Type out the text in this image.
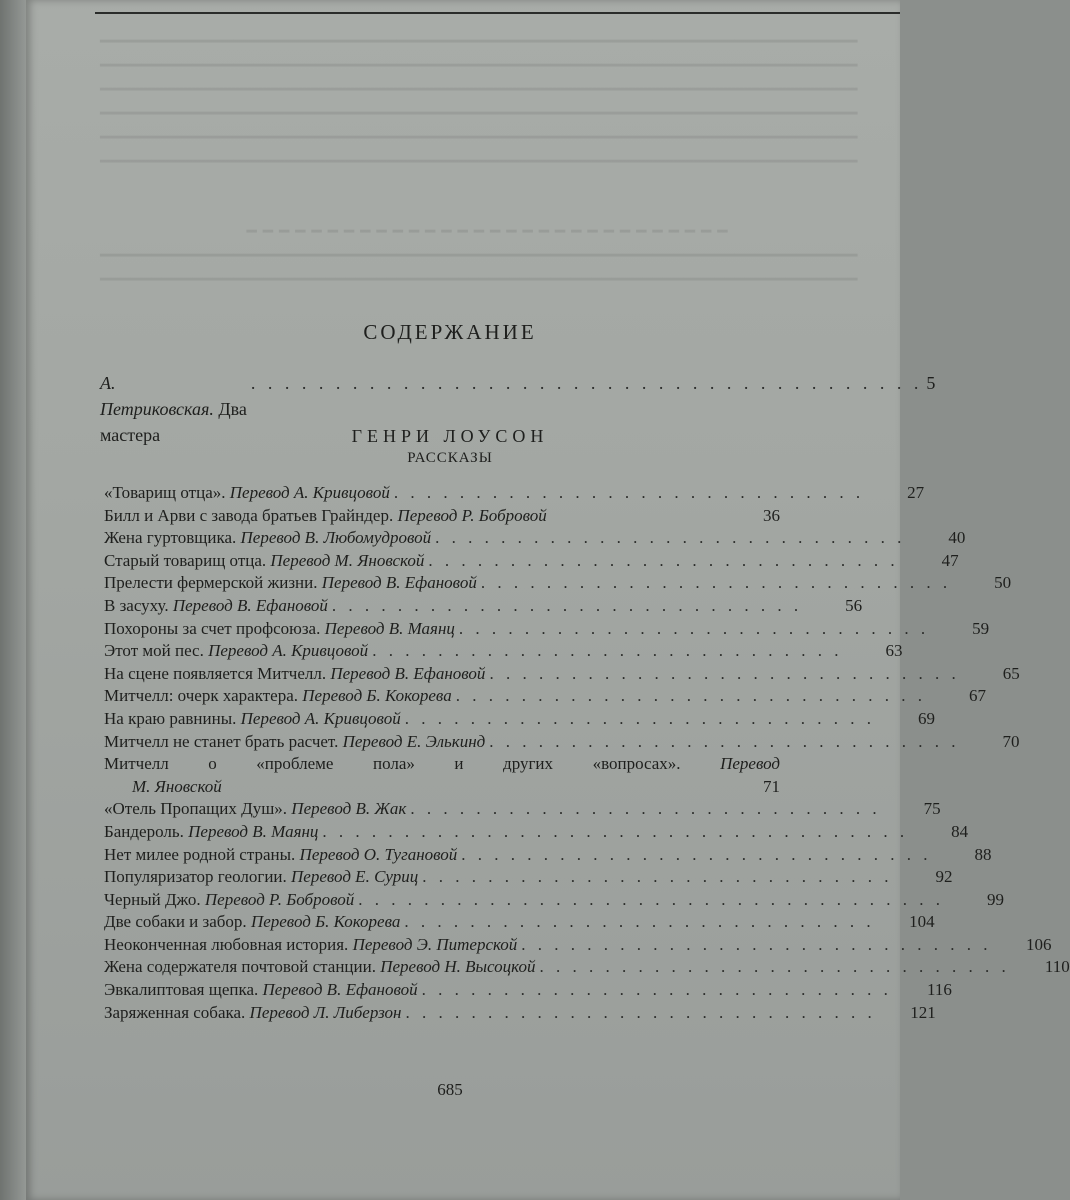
━━━━━━━━━━━━━━━━━━━━━━━━━━━━━━━━━━━━━━━━━━━━━━━━━━━━━━━━━━━━━━━━━━━━━━━━━━
━━━━━━━━━━━━━━━━━━━━━━━━━━━━━━━━━━━━━━━━━━━━━━━━━━━━━━━━━━━━━━━━━━━━━━━━━━
━━━━━━━━━━━━━━━━━━━━━━━━━━━━━━━━━━━━━━━━━━━━━━━━━━━━━━━━━━━━━━━━━━━━━━━━━━
━━━━━━━━━━━━━━━━━━━━━━━━━━━━━━━━━━━━━━━━━━━━━━━━━━━━━━━━━━━━━━━━━━━━━━━━━━
━━━━━━━━━━━━━━━━━━━━━━━━━━━━━━━━━━━━━━━━━━━━━━━━━━━━━━━━━━━━━━━━━━━━━━━━━━
━━━━━━━━━━━━━━━━━━━━━━━━━━━━━━━━━━━━━━━━━━━━━━━━━━━━━━━━━━━━━━━━━━━━━━━━━━
━━━━━━━━━━━━━━━━━━━━━━━━━━━━━━
━━━━━━━━━━━━━━━━━━━━━━━━━━━━━━━━━━━━━━━━━━━━━━━━━━━━━━━━━━━━━━━━━━━━━━━━━━
━━━━━━━━━━━━━━━━━━━━━━━━━━━━━━━━━━━━━━━━━━━━━━━━━━━━━━━━━━━━━━━━━━━━━━━━━━
СОДЕРЖАНИЕ
А. Петриковская. Два мастера
. . . . . . . . . . . . . . . . . . . . . . . . . . . . . . . . . . . . . . . . 5
ГЕНРИ ЛОУСОН
РАССКАЗЫ
«Товарищ отца».
Перевод А. Кривцовой . . . . . . . . . . . . . . . . . . . . . . . . . . . . .	27
Билл и Арви с завода братьев Грайндер.
Перевод Р. Бобровой	36
Жена гуртовщика.
Перевод В. Любомудровой . . . . . . . . . . . . . . . . . . . . . . . . . . . . .	40
Старый товарищ отца.
Перевод М. Яновской . . . . . . . . . . . . . . . . . . . . . . . . . . . . .	47
Прелести фермерской жизни.
Перевод В. Ефановой . . . . . . . . . . . . . . . . . . . . . . . . . . . . .	50
В засуху.
Перевод В. Ефановой . . . . . . . . . . . . . . . . . . . . . . . . . . . . .	56
Похороны за счет профсоюза.
Перевод В. Маянц . . . . . . . . . . . . . . . . . . . . . . . . . . . . .	59
Этот мой пес.
Перевод А. Кривцовой . . . . . . . . . . . . . . . . . . . . . . . . . . . . .	63
На сцене появляется Митчелл.
Перевод В. Ефановой . . . . . . . . . . . . . . . . . . . . . . . . . . . . .	65
Митчелл: очерк характера.
Перевод Б. Кокорева . . . . . . . . . . . . . . . . . . . . . . . . . . . . .	67
На краю равнины.
Перевод А. Кривцовой . . . . . . . . . . . . . . . . . . . . . . . . . . . . .	69
Митчелл не станет брать расчет.
Перевод Е. Элькинд . . . . . . . . . . . . . . . . . . . . . . . . . . . . .	70
Митчелл о «проблеме пола» и других «вопросах». Перевод
М. Яновской	71
«Отель Пропащих Душ».
Перевод В. Жак . . . . . . . . . . . . . . . . . . . . . . . . . . . . .	75
Бандероль.
Перевод В. Маянц . . . . . . . . . . . . . . . . . . . . . . . . . . . . . . . . . . . .	84
Нет милее родной страны.
Перевод О. Тугановой . . . . . . . . . . . . . . . . . . . . . . . . . . . . .	88
Популяризатор геологии.
Перевод Е. Суриц . . . . . . . . . . . . . . . . . . . . . . . . . . . . .	92
Черный Джо.
Перевод Р. Бобровой . . . . . . . . . . . . . . . . . . . . . . . . . . . . . . . . . . . .	99
Две собаки и забор.
Перевод Б. Кокорева . . . . . . . . . . . . . . . . . . . . . . . . . . . . .	104
Неоконченная любовная история.
Перевод Э. Питерской . . . . . . . . . . . . . . . . . . . . . . . . . . . . .	106
Жена содержателя почтовой станции.
Перевод Н. Высоцкой . . . . . . . . . . . . . . . . . . . . . . . . . . . . .	110
Эвкалиптовая щепка.
Перевод В. Ефановой . . . . . . . . . . . . . . . . . . . . . . . . . . . . .	116
Заряженная собака.
Перевод Л. Либерзон . . . . . . . . . . . . . . . . . . . . . . . . . . . . .	121
685
